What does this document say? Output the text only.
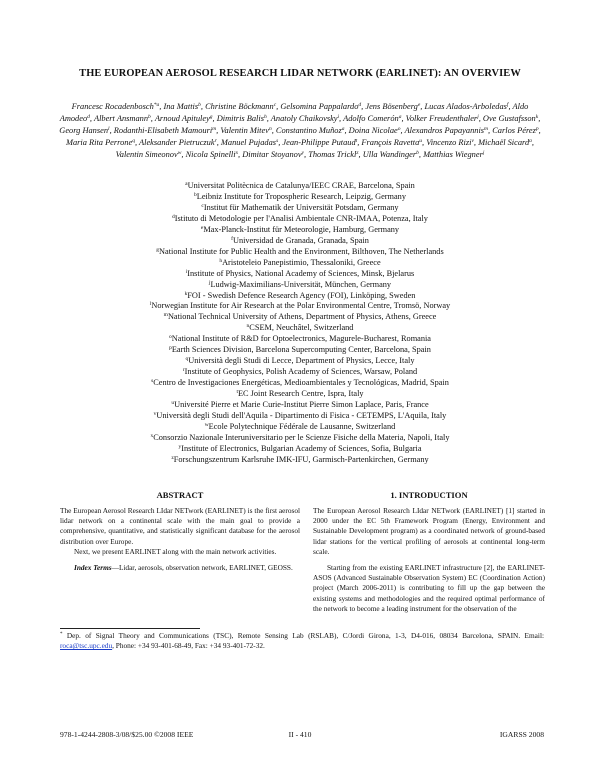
THE EUROPEAN AEROSOL RESEARCH LIDAR NETWORK (EARLINET): AN OVERVIEW
Francesc Rocadenbosch$^{*a}$, Ina Mattis$^b$, Christine Böckmann$^c$, Gelsomina Pappalardo$^d$, Jens Bösenberg$^e$, Lucas Alados-Arboledas$^f$, Aldo Amodeo$^d$, Albert Ansmann$^b$, Arnoud Apituley$^g$, Dimitris Balis$^h$, Anatoly Chaikovsky$^i$, Adolfo Comerón$^a$, Volker Freudenthaler$^j$, Ove Gustafsson$^k$, Georg Hansen$^l$, Rodanthi-Elisabeth Mamouri$^m$, Valentin Mitev$^n$, Constantino Muñoz$^a$, Doina Nicolae$^o$, Alexandros Papayannis$^m$, Carlos Pérez$^p$, Maria Rita Perrone$^q$, Aleksander Pietruczuk$^r$, Manuel Pujadas$^s$, Jean-Philippe Putaud$^t$, François Ravetta$^u$, Vincenzo Rizi$^v$, Michaël Sicard$^a$, Valentin Simeonov$^w$, Nicola Spinelli$^x$, Dimitar Stoyanov$^y$, Thomas Trickl$^z$, Ulla Wandinger$^b$, Matthias Wiegner$^j$
$^a$Universitat Politècnica de Catalunya/IEEC CRAE, Barcelona, Spain
$^b$Leibniz Institute for Tropospheric Research, Leipzig, Germany
$^c$Institut für Mathematik der Universität Potsdam, Germany
$^d$Istituto di Metodologie per l'Analisi Ambientale CNR-IMAA, Potenza, Italy
$^e$Max-Planck-Institut für Meteorologie, Hamburg, Germany
$^f$Universidad de Granada, Granada, Spain
$^g$National Institute for Public Health and the Environment, Bilthoven, The Netherlands
$^h$Aristoteleio Panepistimio, Thessaloniki, Greece
$^i$Institute of Physics, National Academy of Sciences, Minsk, Bjelarus
$^j$Ludwig-Maximilians-Universität, München, Germany
$^k$FOI - Swedish Defence Research Agency (FOI), Linköping, Sweden
$^l$Norwegian Institute for Air Research at the Polar Environmental Centre, Tromsö, Norway
$^m$National Technical University of Athens, Department of Physics, Athens, Greece
$^n$CSEM, Neuchâtel, Switzerland
$^o$National Institute of R&D for Optoelectronics, Magurele-Bucharest, Romania
$^p$Earth Sciences Division, Barcelona Supercomputing Center, Barcelona, Spain
$^q$Università degli Studi di Lecce, Department of Physics, Lecce, Italy
$^r$Institute of Geophysics, Polish Academy of Sciences, Warsaw, Poland
$^s$Centro de Investigaciones Energéticas, Medioambientales y Tecnológicas, Madrid, Spain
$^t$EC Joint Research Centre, Ispra, Italy
$^u$Université Pierre et Marie Curie-Institut Pierre Simon Laplace, Paris, France
$^v$Università degli Studi dell'Aquila - Dipartimento di Fisica - CETEMPS, L'Aquila, Italy
$^w$Ecole Polytechnique Fédérale de Lausanne, Switzerland
$^x$Consorzio Nazionale Interuniversitario per le Scienze Fisiche della Materia, Napoli, Italy
$^y$Institute of Electronics, Bulgarian Academy of Sciences, Sofia, Bulgaria
$^z$Forschungszentrum Karlsruhe IMK-IFU, Garmisch-Partenkirchen, Germany
ABSTRACT

The European Aerosol Research LIdar NETwork (EARLINET) is the first aerosol lidar network on a continental scale with the main goal to provide a comprehensive, quantitative, and statistically significant database for the aerosol distribution over Europe.

Next, we present EARLINET along with the main network activities.

Index Terms—Lidar, aerosols, observation network, EARLINET, GEOSS.
1. INTRODUCTION

The European Aerosol Research LIdar NETwork (EARLINET) [1] started in 2000 under the EC 5th Framework Program (Energy, Environment and Sustainable Development program) as a coordinated network of ground-based lidar stations for the vertical profiling of aerosols at continental long-term scale.

Starting from the existing EARLINET infrastructure [2], the EARLINET-ASOS (Advanced Sustainable Observation System) EC (Coordination Action) project (March 2006-2011) is contributing to fill up the gap between the existing systems and methodologies and the required optimal performance of the network to become a leading instrument for the observation of the

* Dep. of Signal Theory and Communications (TSC), Remote Sensing Lab (RSLAB), C/Jordi Girona, 1-3, D4-016, 08034 Barcelona, SPAIN. Email: roca@tsc.upc.edu, Phone: +34 93-401-68-49, Fax: +34 93-401-72-32.
978-1-4244-2808-3/08/$25.00 ©2008 IEEE	II - 410	IGARSS 2008
